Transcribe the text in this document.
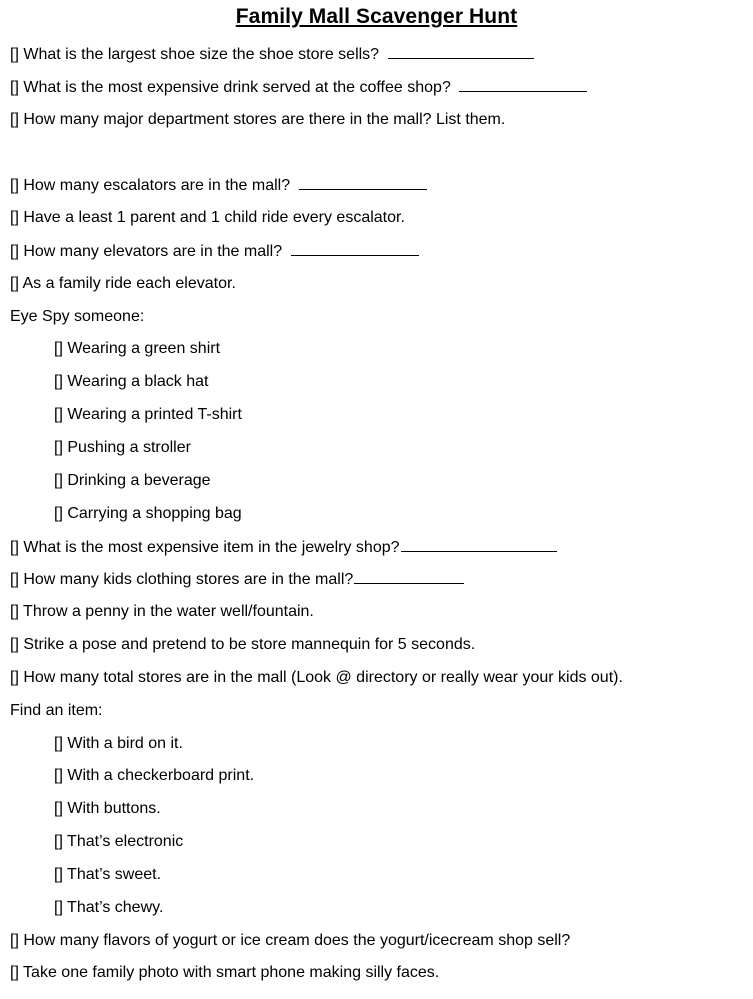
Family Mall Scavenger Hunt
[] What is the largest shoe size the shoe store sells?
[] What is the most expensive drink served at the coffee shop?
[] How many major department stores are there in the mall? List them.
[] How many escalators are in the mall?
[] Have a least 1 parent and 1 child ride every escalator.
[] How many elevators are in the mall?
[] As a family ride each elevator.
Eye Spy someone:
[] Wearing a green shirt
[] Wearing a black hat
[] Wearing a printed T-shirt
[] Pushing a stroller
[] Drinking a beverage
[] Carrying a shopping bag
[] What is the most expensive item in the jewelry shop?
[] How many kids clothing stores are in the mall?
[] Throw a penny in the water well/fountain.
[] Strike a pose and pretend to be store mannequin for 5 seconds.
[] How many total stores are in the mall (Look @ directory or really wear your kids out).
Find an item:
[] With a bird on it.
[] With a checkerboard print.
[] With buttons.
[] That’s electronic
[] That’s sweet.
[] That’s chewy.
[] How many flavors of yogurt or ice cream does the yogurt/icecream shop sell?
[] Take one family photo with smart phone making silly faces.
